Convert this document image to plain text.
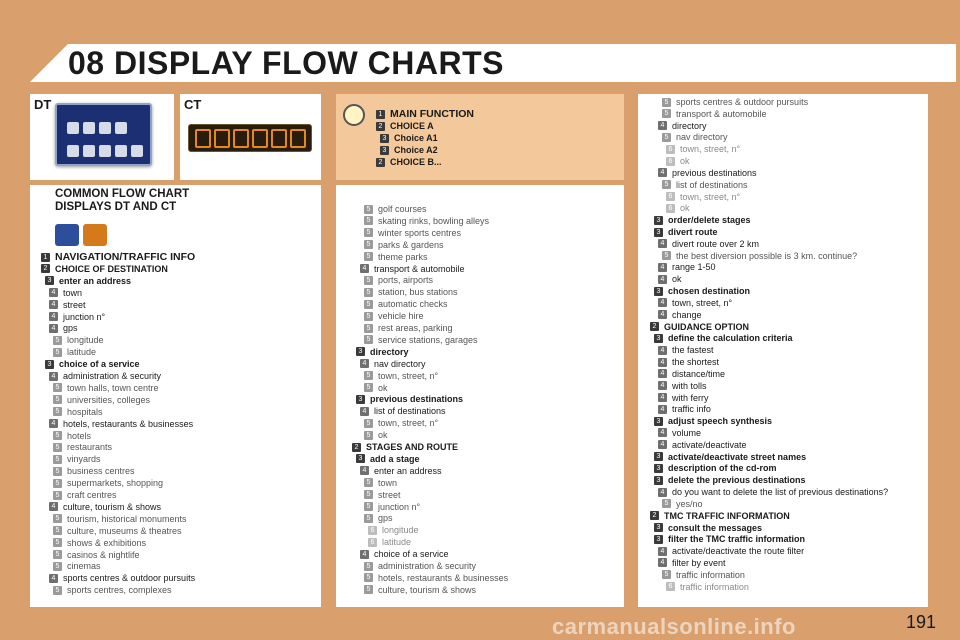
08 DISPLAY FLOW CHARTS
DT	CT
1 MAIN FUNCTION
2 CHOICE A
3 Choice A1
3 Choice A2
2 CHOICE B...
COMMON FLOW CHART
DISPLAYS DT AND CT
1 NAVIGATION/TRAFFIC INFO
2 CHOICE OF DESTINATION
3 enter an address
4 town
4 street
4 junction n°
4 gps
5 longitude
5 latitude
3 choice of a service
4 administration & security
5 town halls, town centre
5 universities, colleges
5 hospitals
4 hotels, restaurants & businesses
5 hotels
5 restaurants
5 vinyards
5 business centres
5 supermarkets, shopping
5 craft centres
4 culture, tourism & shows
5 tourism, historical monuments
5 culture, museums & theatres
5 shows & exhibitions
5 casinos & nightlife
5 cinemas
4 sports centres & outdoor pursuits
5 sports centres, complexes
5 golf courses
5 skating rinks, bowling alleys
5 winter sports centres
5 parks & gardens
5 theme parks
4 transport & automobile
5 ports, airports
5 station, bus stations
5 automatic checks
5 vehicle hire
5 rest areas, parking
5 service stations, garages
3 directory
4 nav directory
5 town, street, n°
5 ok
3 previous destinations
4 list of destinations
5 town, street, n°
5 ok
2 STAGES AND ROUTE
3 add a stage
4 enter an address
5 town
5 street
5 junction n°
5 gps
6 longitude
6 latitude
4 choice of a service
5 administration & security
5 hotels, restaurants & businesses
5 culture, tourism & shows
5 sports centres & outdoor pursuits
5 transport & automobile
4 directory
5 nav directory
6 town, street, n°
6 ok
4 previous destinations
5 list of destinations
6 town, street, n°
6 ok
3 order/delete stages
3 divert route
4 divert route over 2 km
5 the best diversion possible is 3 km. continue?
4 range 1-50
4 ok
3 chosen destination
4 town, street, n°
4 change
2 GUIDANCE OPTION
3 define the calculation criteria
4 the fastest
4 the shortest
4 distance/time
4 with tolls
4 with ferry
4 traffic info
3 adjust speech synthesis
4 volume
4 activate/deactivate
3 activate/deactivate street names
3 description of the cd-rom
3 delete the previous destinations
4 do you want to delete the list of previous destinations?
5 yes/no
2 TMC TRAFFIC INFORMATION
3 consult the messages
3 filter the TMC traffic information
4 activate/deactivate the route filter
4 filter by event
5 traffic information
6 traffic information
carmanualsonline.info	191
